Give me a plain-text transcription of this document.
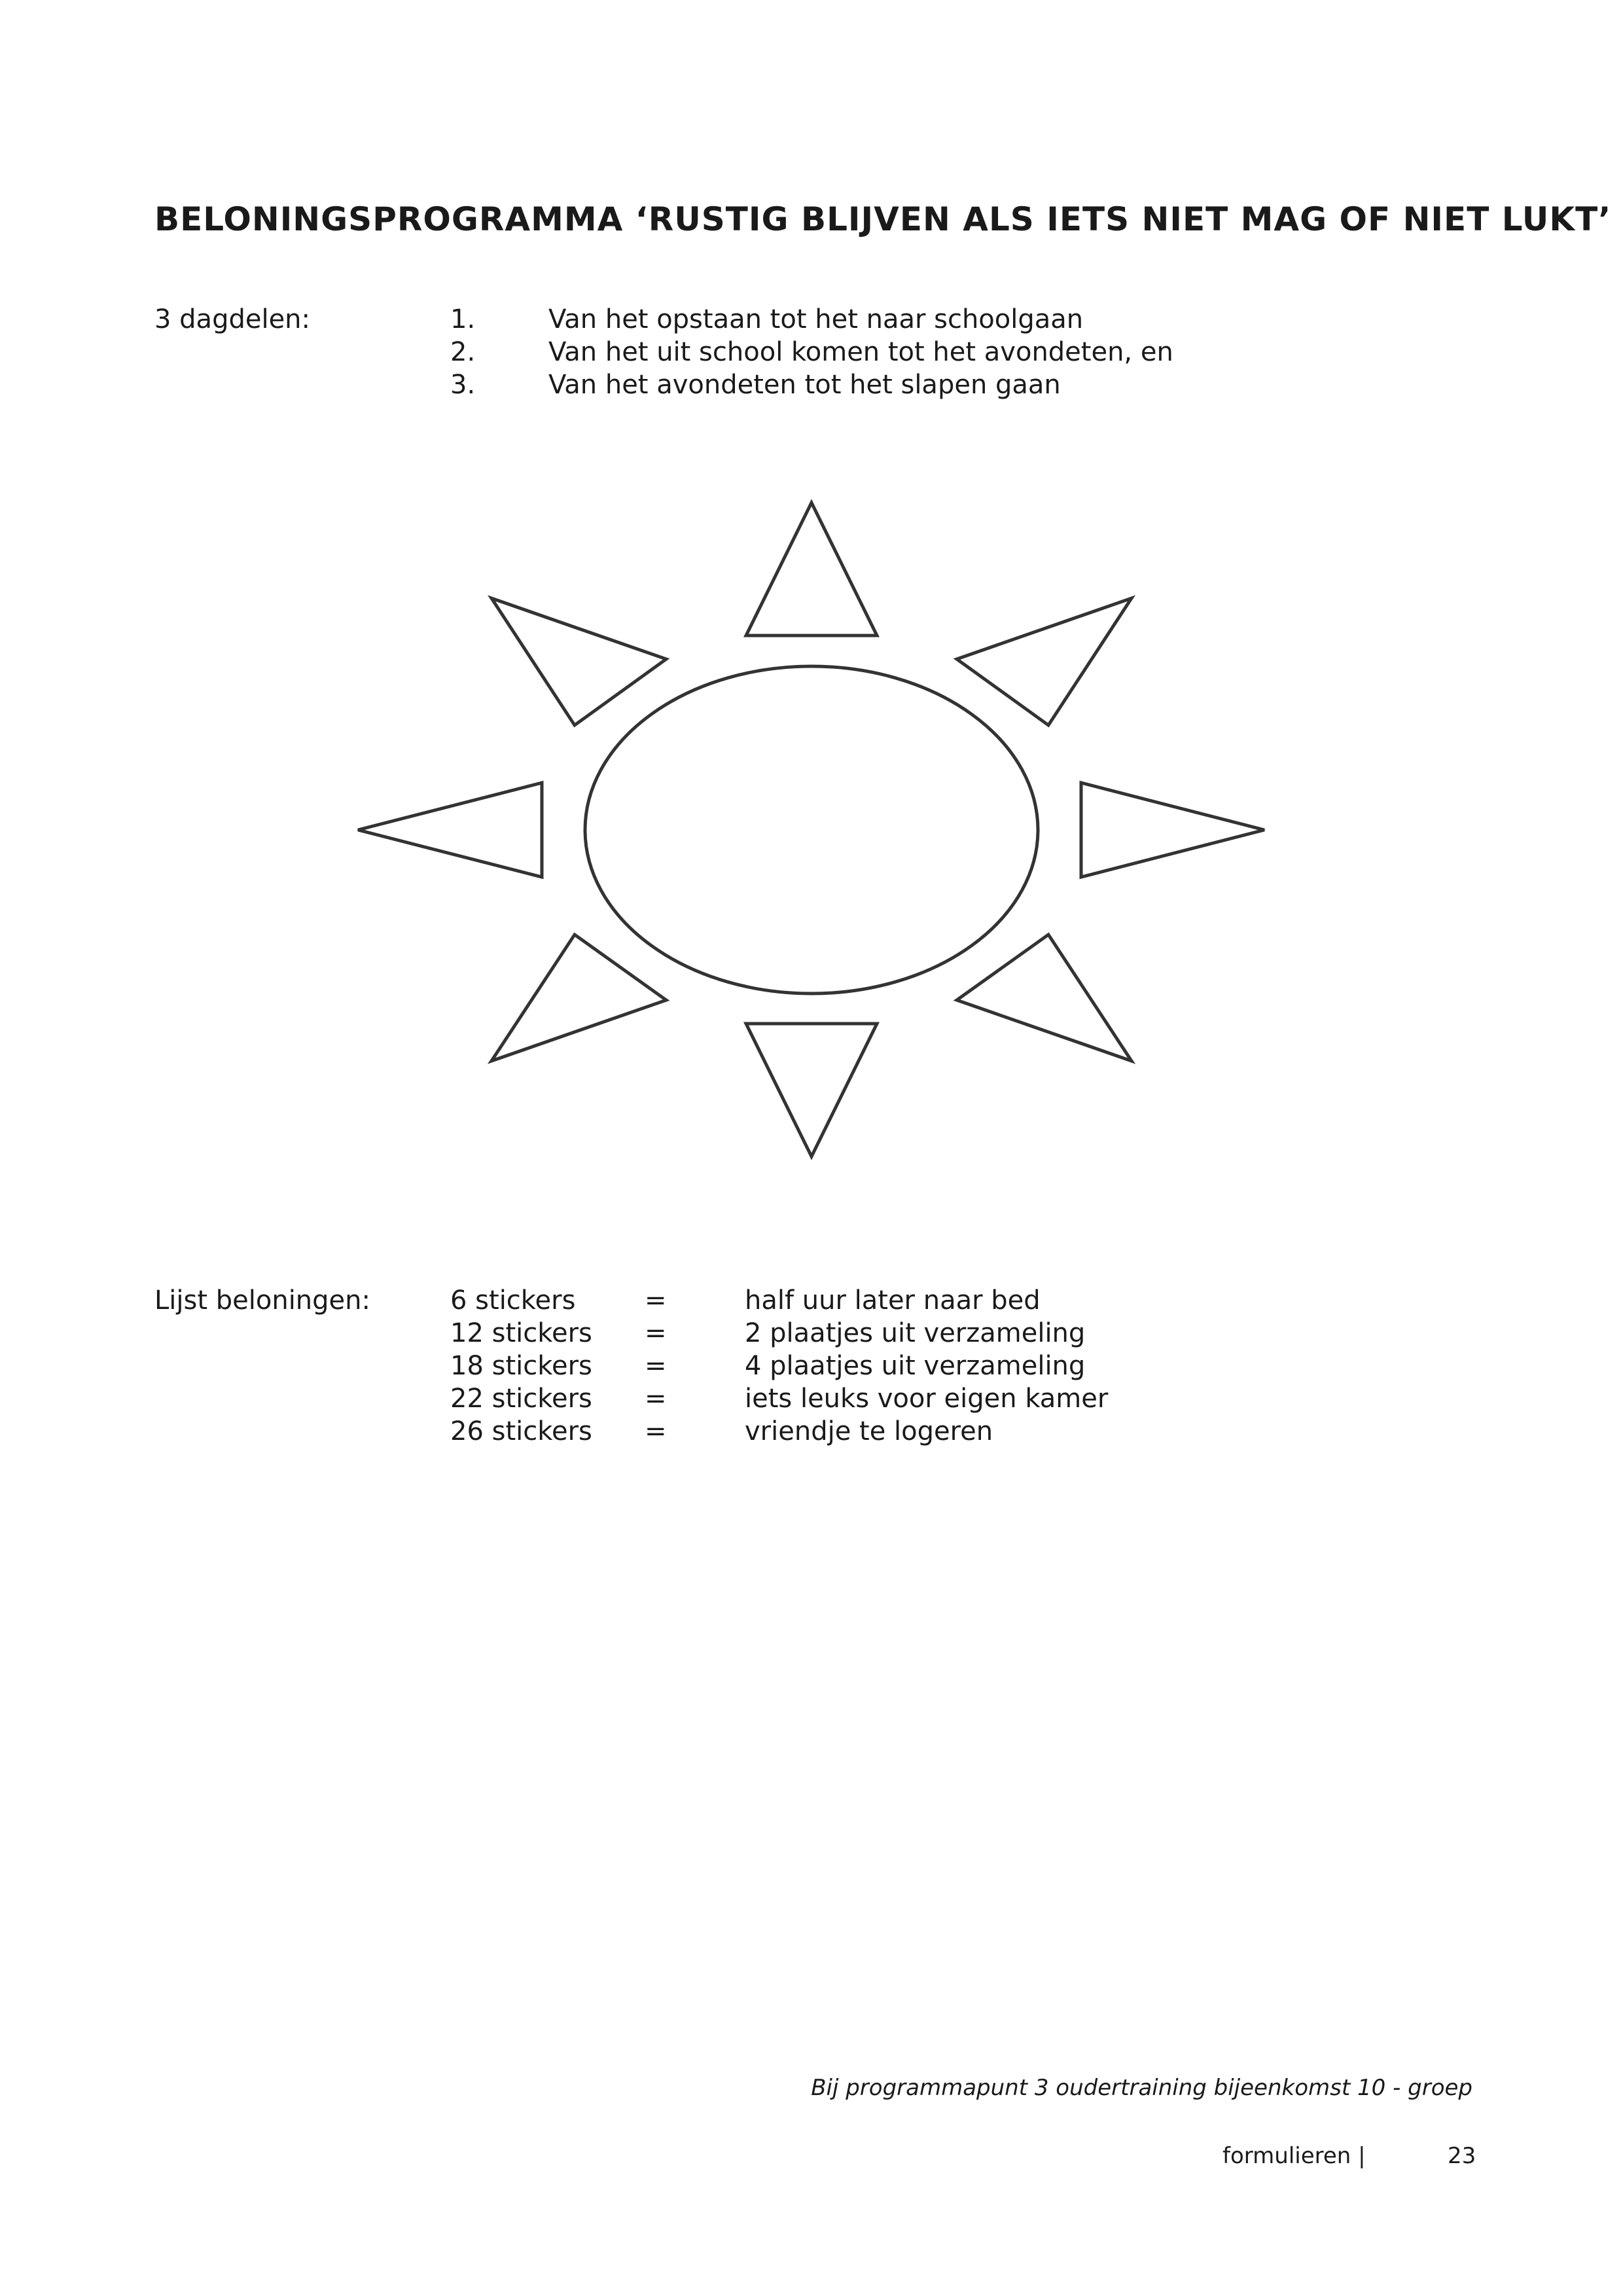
BELONINGSPROGRAMMA ‘RUSTIG BLIJVEN ALS IETS NIET MAG OF NIET LUKT’
3 dagdelen:	1.	Van het opstaan tot het naar schoolgaan
2.	Van het uit school komen tot het avondeten, en
3.	Van het avondeten tot het slapen gaan
Lijst beloningen:	6 stickers	=	half uur later naar bed
12 stickers =	2 plaatjes uit verzameling
18 stickers =	4 plaatjes uit verzameling
22 stickers =	iets leuks voor eigen kamer
26 stickers =	vriendje te logeren
Bij programmapunt 3 oudertraining bijeenkomst 10 - groep
formulieren |	23
